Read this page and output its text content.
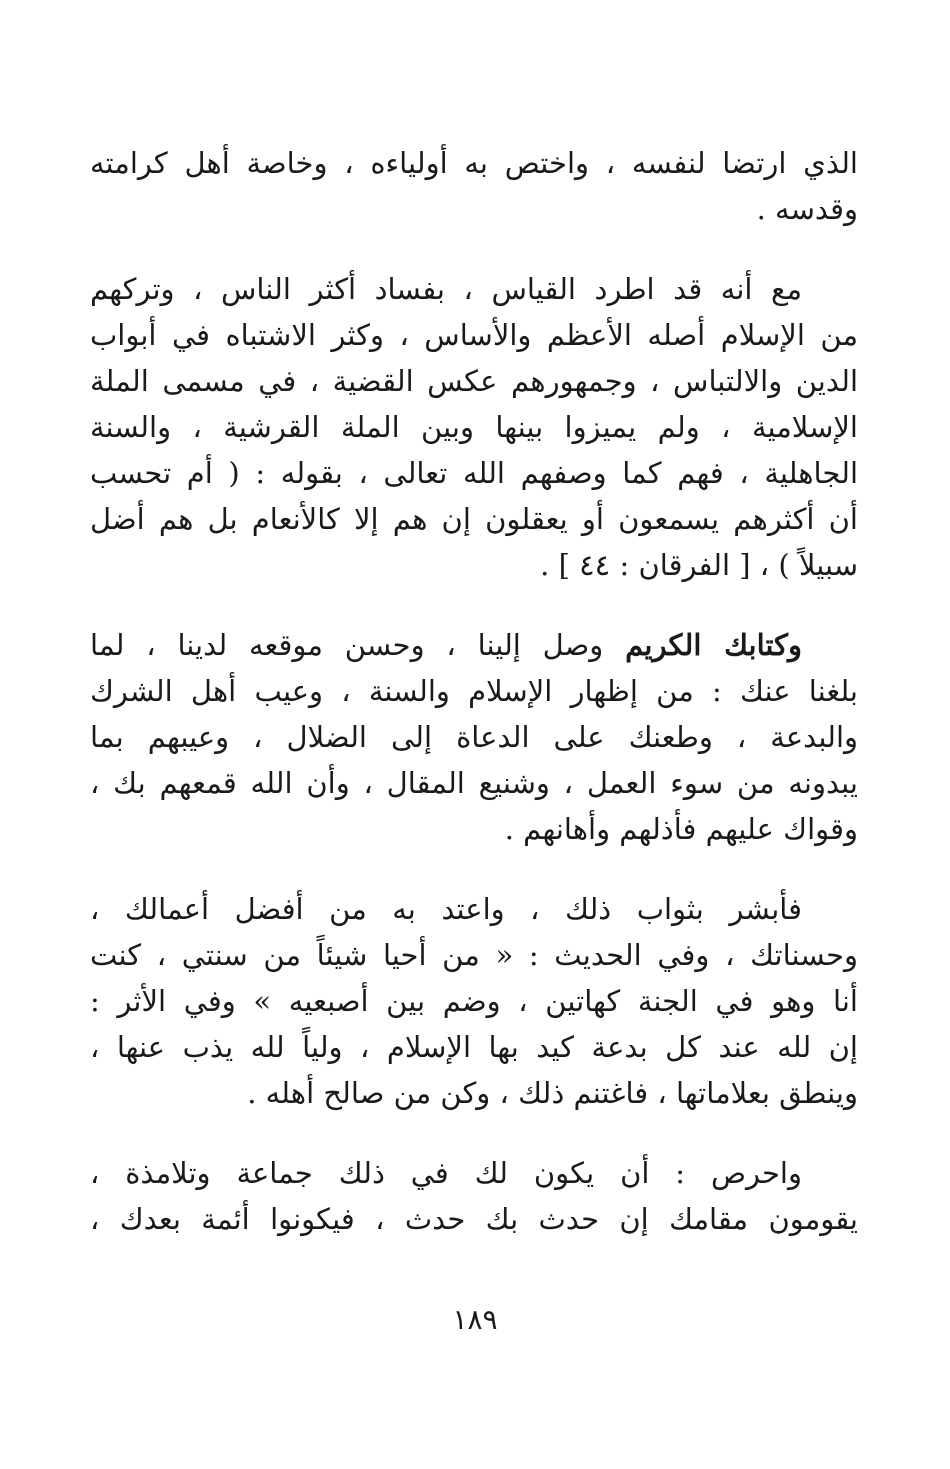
الذي ارتضا لنفسه ، واختص به أولياءه ، وخاصة أهل كرامته
وقدسه .
مع أنه قد اطرد القياس ، بفساد أكثر الناس ، وتركهم
من الإسلام أصله الأعظم والأساس ، وكثر الاشتباه في أبواب
الدين والالتباس ، وجمهورهم عكس القضية ، في مسمى الملة
الإسلامية ، ولم يميزوا بينها وبين الملة القرشية ، والسنة
الجاهلية ، فهم كما وصفهم الله تعالى ، بقوله : ( أم تحسب
أن أكثرهم يسمعون أو يعقلون إن هم إلا كالأنعام بل هم أضل
سبيلاً ) ، [ الفرقان : ٤٤ ] .
وكتابك الكريم وصل إلينا ، وحسن موقعه لدينا ، لما
بلغنا عنك : من إظهار الإسلام والسنة ، وعيب أهل الشرك
والبدعة ، وطعنك على الدعاة إلى الضلال ، وعيبهم بما
يبدونه من سوء العمل ، وشنيع المقال ، وأن الله قمعهم بك ،
وقواك عليهم فأذلهم وأهانهم .
فأبشر بثواب ذلك ، واعتد به من أفضل أعمالك ،
وحسناتك ، وفي الحديث : « من أحيا شيئاً من سنتي ، كنت
أنا وهو في الجنة كهاتين ، وضم بين أصبعيه » وفي الأثر :
إن لله عند كل بدعة كيد بها الإسلام ، ولياً لله يذب عنها ،
وينطق بعلاماتها ، فاغتنم ذلك ، وكن من صالح أهله .
واحرص : أن يكون لك في ذلك جماعة وتلامذة ،
يقومون مقامك إن حدث بك حدث ، فيكونوا أئمة بعدك ،
١٨٩
